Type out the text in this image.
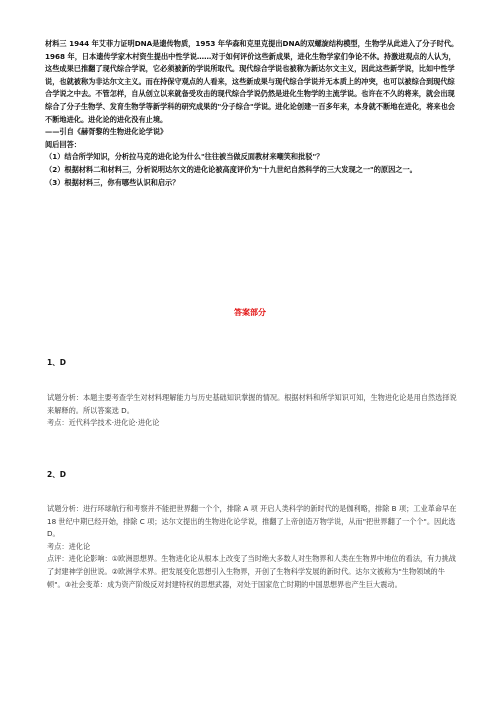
材料三 1944 年艾菲力证明DNA是遗传物质，1953 年华森和克里克提出DNA的双螺旋结构模型，生物学从此进入了分子时代。1968 年，日本遗传学家木村资生提出中性学说……对于如何评价这些新成果，进化生物学家们争论不休。持激进观点的人认为，这些成果已推翻了现代综合学说，它必须被新的学说所取代。现代综合学说也被称为新达尔文主义，因此这些新学说，比如中性学说，也就被称为非达尔文主义。而在持保守观点的人看来，这些新成果与现代综合学说并无本质上的冲突，也可以被综合到现代综合学说之中去。不管怎样，自从创立以来就备受攻击的现代综合学说仍然是进化生物学的主流学说。也许在不久的将来，就会出现综合了分子生物学、发育生物学等新学科的研究成果的"分子综合"学说。进化论创建一百多年来，本身就不断地在进化，将来也会不断地进化。进化论的进化没有止境。

——引自《赫胥黎的生物进化论学说》

阅后回答：

（1）结合所学知识，分析拉马克的进化论为什么"往往被当做反面教材来嘲笑和批驳"？

（2）根据材料二和材料三，分析说明达尔文的进化论被高度评价为"十九世纪自然科学的三大发现之一"的原因之一。

（3）根据材料三，你有哪些认识和启示？

答案部分
1、D

试题分析：本题主要考查学生对材料理解能力与历史基础知识掌握的情况。根据材料和所学知识可知，生物进化论是用自然选择说来解释的。所以答案选 D。

考点：近代科学技术·进化论·进化论

2、D

试题分析：进行环球航行和考察并不能把世界翻一个个，排除 A 项 开启人类科学的新时代的是伽利略，排除 B 项；工业革命早在 18 世纪中期已经开始，排除 C 项；达尔文提出的生物进化论学说，推翻了上帝创造万物学说，从而"把世界翻了一个个"。因此选 D。

考点：进化论

点评：进化论影响：①欧洲思想界。生物进化论从根本上改变了当时绝大多数人对生物界和人类在生物界中地位的看法，有力挑战了封建神学创世说。②欧洲学术界。把发展变化思想引入生物界，开创了生物科学发展的新时代。达尔文被称为"生物领域的牛顿"。③社会变革：成为资产阶级反对封建特权的思想武器，对处于国家危亡时期的中国思想界也产生巨大震动。
